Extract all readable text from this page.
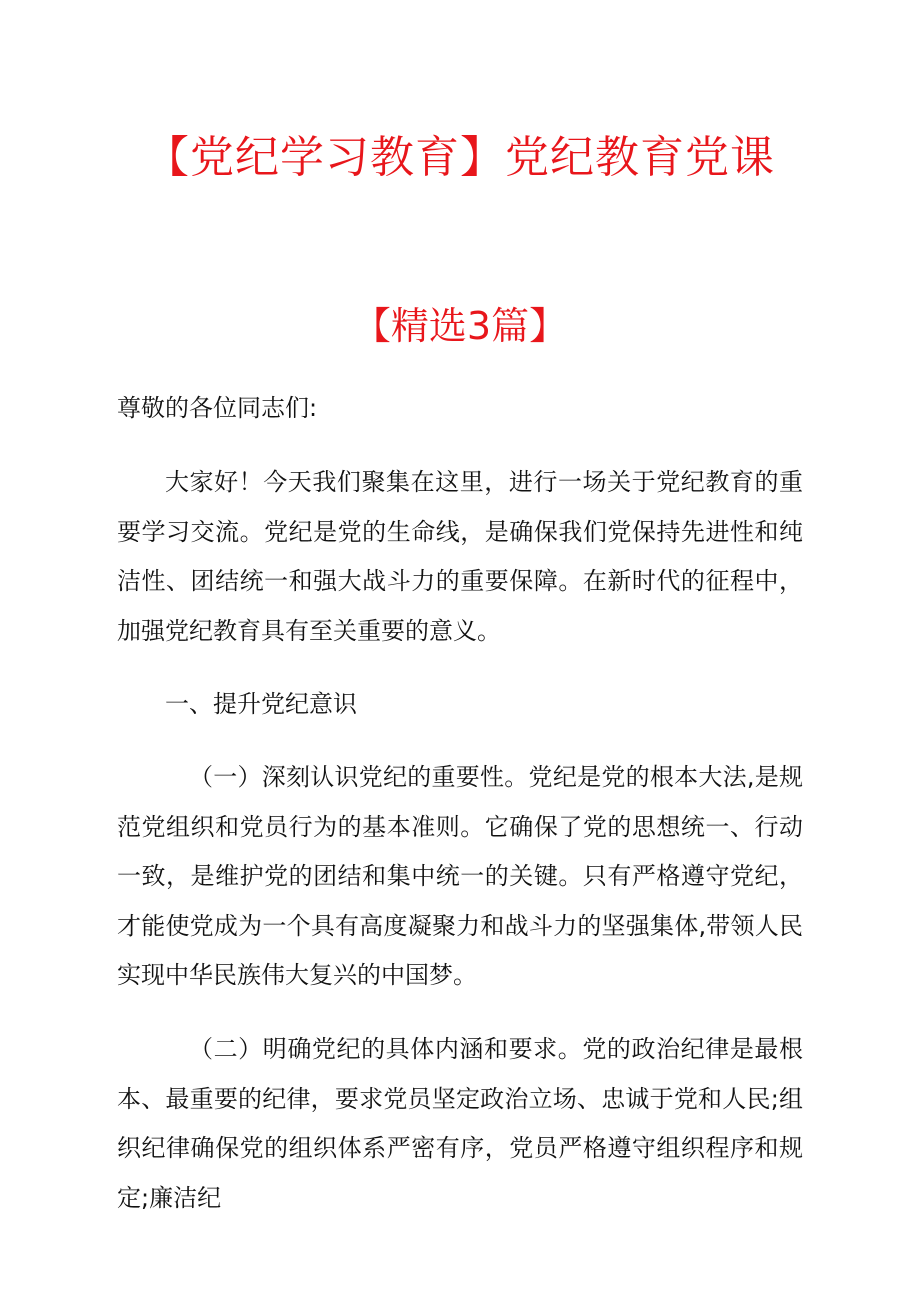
【党纪学习教育】党纪教育党课
【精选3篇】

尊敬的各位同志们:

大家好！今天我们聚集在这里，进行一场关于党纪教育的重要学习交流。党纪是党的生命线，是确保我们党保持先进性和纯洁性、团结统一和强大战斗力的重要保障。在新时代的征程中，加强党纪教育具有至关重要的意义。

一、提升党纪意识

（一）深刻认识党纪的重要性。党纪是党的根本大法,是规范党组织和党员行为的基本准则。它确保了党的思想统一、行动一致，是维护党的团结和集中统一的关键。只有严格遵守党纪，才能使党成为一个具有高度凝聚力和战斗力的坚强集体,带领人民实现中华民族伟大复兴的中国梦。

（二）明确党纪的具体内涵和要求。党的政治纪律是最根本、最重要的纪律，要求党员坚定政治立场、忠诚于党和人民;组织纪律确保党的组织体系严密有序，党员严格遵守组织程序和规定;廉洁纪
